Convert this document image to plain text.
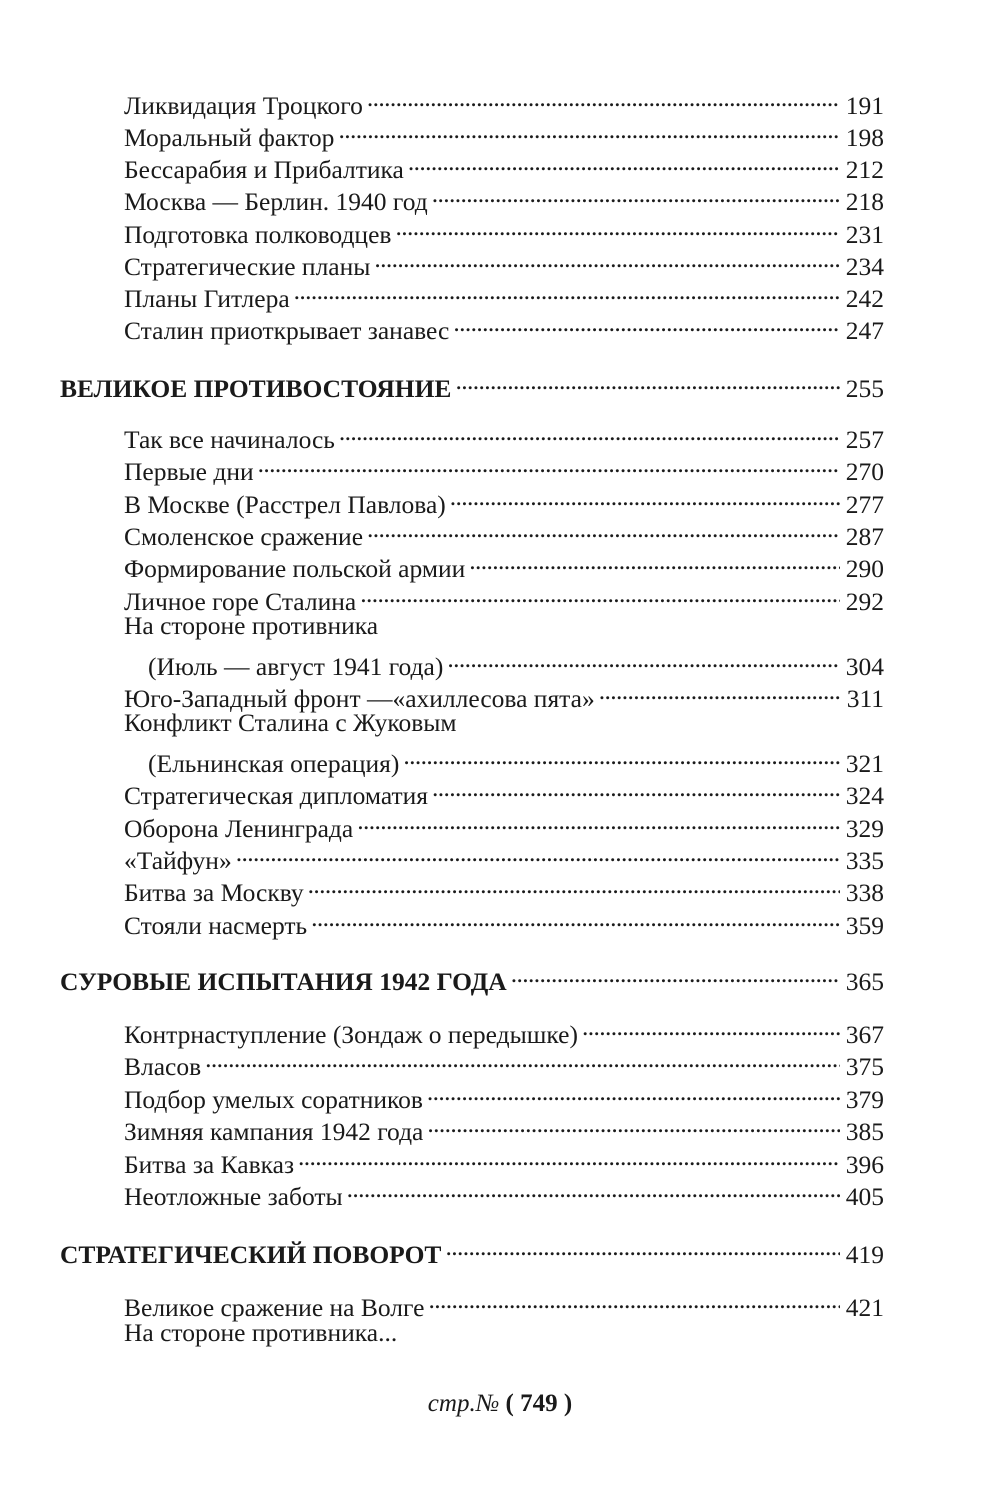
Ликвидация Троцкого . . .	191
Моральный фактор . . .	198
Бессарабия и Прибалтика . . .	212
Москва — Берлин. 1940 год . . .	218
Подготовка полководцев . . .	231
Стратегические планы . . .	234
Планы Гитлера . . .	242
Сталин приоткрывает занавес . . .	247
ВЕЛИКОЕ ПРОТИВОСТОЯНИЕ . . .	255
Так все начиналось . . .	257
Первые дни . . .	270
В Москве (Расстрел Павлова) . . .	277
Смоленское сражение . . .	287
Формирование польской армии . . .	290
Личное горе Сталина . . .	292
На стороне противника
(Июль — август 1941 года) . . .	304
Юго-Западный фронт —«ахиллесова пята» . . .	311
Конфликт Сталина с Жуковым
(Ельнинская операция) . . .	321
Стратегическая дипломатия . . .	324
Оборона Ленинграда . . .	329
«Тайфун» . . .	335
Битва за Москву . . .	338
Стояли насмерть . . .	359
СУРОВЫЕ ИСПЫТАНИЯ 1942 ГОДА . . .	365
Контрнаступление (Зондаж о передышке) . . .	367
Власов . . .	375
Подбор умелых соратников . . .	379
Зимняя кампания 1942 года . . .	385
Битва за Кавказ . . .	396
Неотложные заботы . . .	405
СТРАТЕГИЧЕСКИЙ ПОВОРОТ . . .	419
Великое сражение на Волге . . .	421
На стороне противника...
стр.№ ( 749 )
